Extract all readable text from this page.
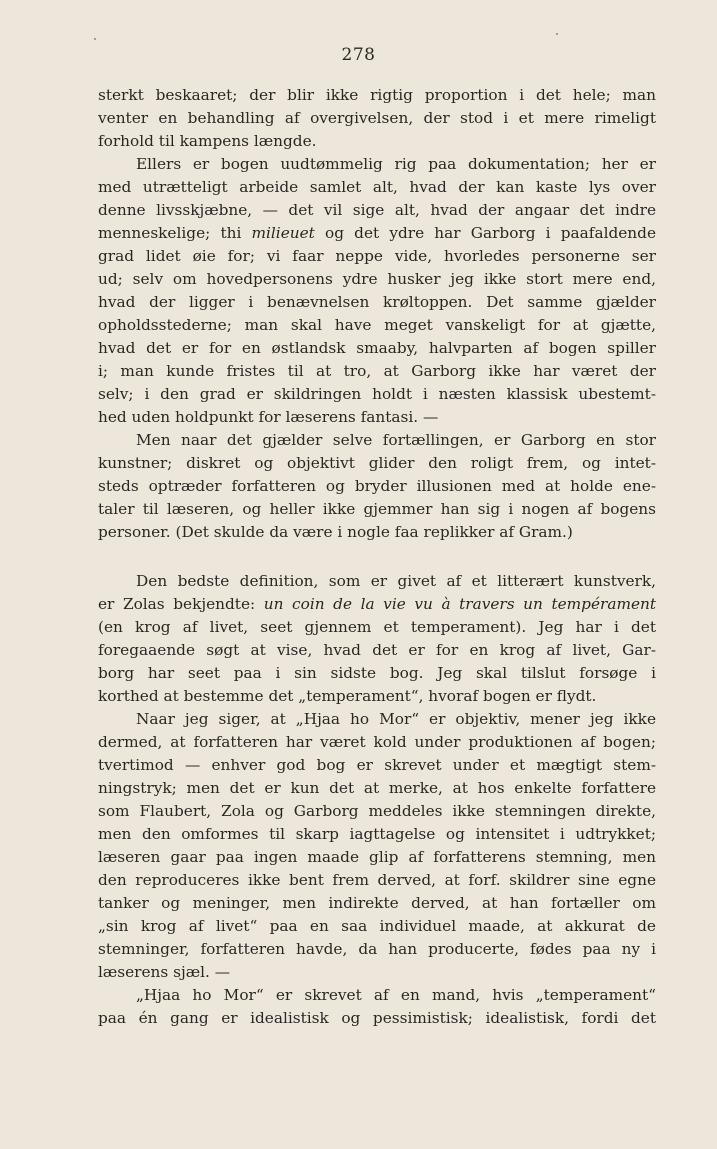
278
sterkt beskaaret; der blir ikke rigtig proportion i det hele; man
venter en behandling af overgivelsen, der stod i et mere rimeligt
forhold til kampens længde.
Ellers er bogen uudtømmelig rig paa dokumentation; her er
med utrætteligt arbeide samlet alt, hvad der kan kaste lys over
denne livsskjæbne, — det vil sige alt, hvad der angaar det indre
menneskelige; thi milieuet og det ydre har Garborg i paafaldende
grad lidet øie for; vi faar neppe vide, hvorledes personerne ser
ud; selv om hovedpersonens ydre husker jeg ikke stort mere end,
hvad der ligger i benævnelsen krøltoppen. Det samme gjælder
opholdsstederne; man skal have meget vanskeligt for at gjætte,
hvad det er for en østlandsk smaaby, halvparten af bogen spiller
i; man kunde fristes til at tro, at Garborg ikke har været der
selv; i den grad er skildringen holdt i næsten klassisk ubestemt-
hed uden holdpunkt for læserens fantasi. —
Men naar det gjælder selve fortællingen, er Garborg en stor
kunstner; diskret og objektivt glider den roligt frem, og intet-
steds optræder forfatteren og bryder illusionen med at holde ene-
taler til læseren, og heller ikke gjemmer han sig i nogen af bogens
personer. (Det skulde da være i nogle faa replikker af Gram.)
Den bedste definition, som er givet af et litterært kunstverk,
er Zolas bekjendte: un coin de la vie vu à travers un tempérament
(en krog af livet, seet gjennem et temperament). Jeg har i det
foregaaende søgt at vise, hvad det er for en krog af livet, Gar-
borg har seet paa i sin sidste bog. Jeg skal tilslut forsøge i
korthed at bestemme det „temperament“, hvoraf bogen er flydt.
Naar jeg siger, at „Hjaa ho Mor“ er objektiv, mener jeg ikke
dermed, at forfatteren har været kold under produktionen af bogen;
tvertimod — enhver god bog er skrevet under et mægtigt stem-
ningstryk; men det er kun det at merke, at hos enkelte forfattere
som Flaubert, Zola og Garborg meddeles ikke stemningen direkte,
men den omformes til skarp iagttagelse og intensitet i udtrykket;
læseren gaar paa ingen maade glip af forfatterens stemning, men
den reproduceres ikke bent frem derved, at forf. skildrer sine egne
tanker og meninger, men indirekte derved, at han fortæller om
„sin krog af livet“ paa en saa individuel maade, at akkurat de
stemninger, forfatteren havde, da han producerte, fødes paa ny i
læserens sjæl. —
„Hjaa ho Mor“ er skrevet af en mand, hvis „temperament“
paa én gang er idealistisk og pessimistisk; idealistisk, fordi det
